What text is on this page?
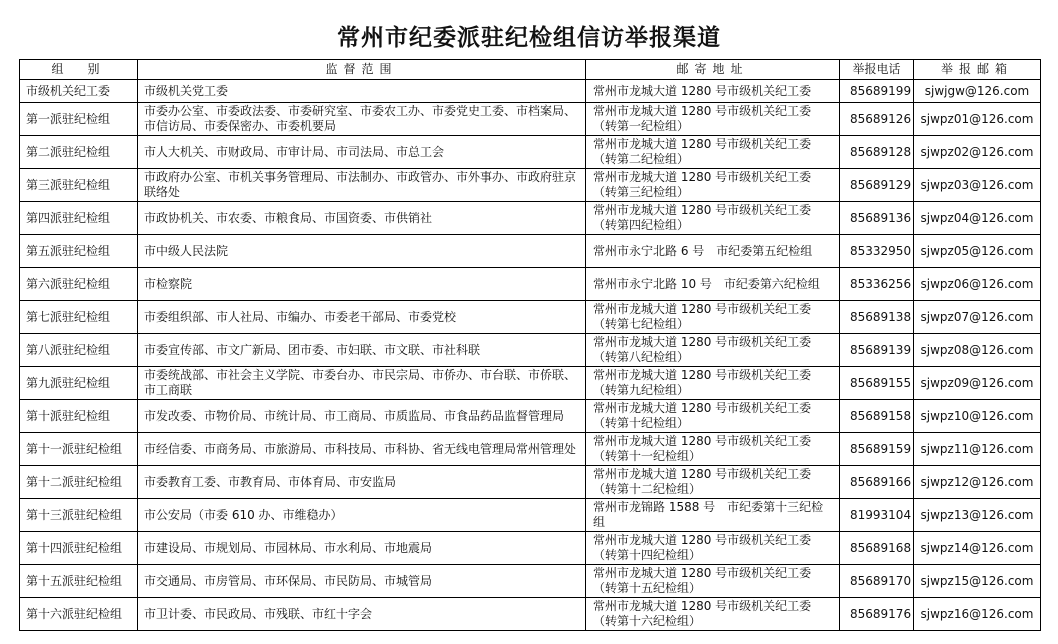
常州市纪委派驻纪检组信访举报渠道
组　别	监督范围	邮寄地址	举报电话	举报邮箱
市级机关纪工委	市级机关党工委	常州市龙城大道 1280 号市级机关纪工委	85689199	sjwjgw@126.com
第一派驻纪检组	市委办公室、市委政法委、市委研究室、市委农工办、市委党史工委、市档案局、市信访局、市委保密办、市委机要局	常州市龙城大道 1280 号市级机关纪工委（转第一纪检组）	85689126	sjwpz01@126.com
第二派驻纪检组	市人大机关、市财政局、市审计局、市司法局、市总工会	常州市龙城大道 1280 号市级机关纪工委（转第二纪检组）	85689128	sjwpz02@126.com
第三派驻纪检组	市政府办公室、市机关事务管理局、市法制办、市政管办、市外事办、市政府驻京联络处	常州市龙城大道 1280 号市级机关纪工委（转第三纪检组）	85689129	sjwpz03@126.com
第四派驻纪检组	市政协机关、市农委、市粮食局、市国资委、市供销社	常州市龙城大道 1280 号市级机关纪工委（转第四纪检组）	85689136	sjwpz04@126.com
第五派驻纪检组	市中级人民法院	常州市永宁北路 6 号　市纪委第五纪检组	85332950	sjwpz05@126.com
第六派驻纪检组	市检察院	常州市永宁北路 10 号　市纪委第六纪检组	85336256	sjwpz06@126.com
第七派驻纪检组	市委组织部、市人社局、市编办、市委老干部局、市委党校	常州市龙城大道 1280 号市级机关纪工委（转第七纪检组）	85689138	sjwpz07@126.com
第八派驻纪检组	市委宣传部、市文广新局、团市委、市妇联、市文联、市社科联	常州市龙城大道 1280 号市级机关纪工委（转第八纪检组）	85689139	sjwpz08@126.com
第九派驻纪检组	市委统战部、市社会主义学院、市委台办、市民宗局、市侨办、市台联、市侨联、市工商联	常州市龙城大道 1280 号市级机关纪工委（转第九纪检组）	85689155	sjwpz09@126.com
第十派驻纪检组	市发改委、市物价局、市统计局、市工商局、市质监局、市食品药品监督管理局	常州市龙城大道 1280 号市级机关纪工委（转第十纪检组）	85689158	sjwpz10@126.com
第十一派驻纪检组	市经信委、市商务局、市旅游局、市科技局、市科协、省无线电管理局常州管理处	常州市龙城大道 1280 号市级机关纪工委（转第十一纪检组）	85689159	sjwpz11@126.com
第十二派驻纪检组	市委教育工委、市教育局、市体育局、市安监局	常州市龙城大道 1280 号市级机关纪工委（转第十二纪检组）	85689166	sjwpz12@126.com
第十三派驻纪检组	市公安局（市委 610 办、市维稳办）	常州市龙锦路 1588 号　市纪委第十三纪检组	81993104	sjwpz13@126.com
第十四派驻纪检组	市建设局、市规划局、市园林局、市水利局、市地震局	常州市龙城大道 1280 号市级机关纪工委（转第十四纪检组）	85689168	sjwpz14@126.com
第十五派驻纪检组	市交通局、市房管局、市环保局、市民防局、市城管局	常州市龙城大道 1280 号市级机关纪工委（转第十五纪检组）	85689170	sjwpz15@126.com
第十六派驻纪检组	市卫计委、市民政局、市残联、市红十字会	常州市龙城大道 1280 号市级机关纪工委（转第十六纪检组）	85689176	sjwpz16@126.com
